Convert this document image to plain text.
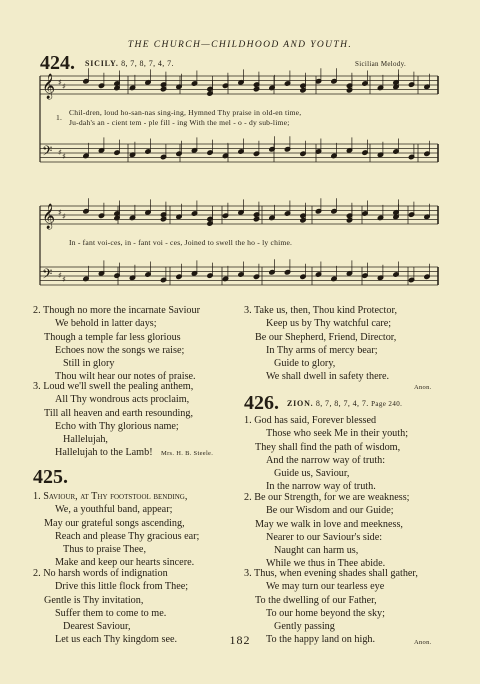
THE CHURCH—CHILDHOOD AND YOUTH.
424. SICILY. 8, 7, 8, 7, 4, 7.	Sicilian Melody.
𝄞 ♯ ♯
𝄞 ♯ ♯
𝄢 ♯ ♯
𝄢 ♯ ♯
1.
Chil-dren, loud ho-san-nas sing-ing, Hymned Thy praise in old-en time,
Ju-dah's an - cient tem - ple fill - ing With the mel - o - dy sub-lime;
In - fant voi-ces, in - fant voi - ces, Joined to swell the ho - ly chime.
2. Though no more the incarnate Saviour
We behold in latter days;
Though a temple far less glorious
Echoes now the songs we raise;
Still in glory
Thou wilt hear our notes of praise.
3. Loud we'll swell the pealing anthem,
All Thy wondrous acts proclaim,
Till all heaven and earth resounding,
Echo with Thy glorious name;
Hallelujah,
Hallelujah to the Lamb!	Mrs. H. B. Steele.
425.
1. Saviour, at Thy footstool bending,
We, a youthful band, appear;
May our grateful songs ascending,
Reach and please Thy gracious ear;
Thus to praise Thee,
Make and keep our hearts sincere.
2. No harsh words of indignation
Drive this little flock from Thee;
Gentle is Thy invitation,
Suffer them to come to me.
Dearest Saviour,
Let us each Thy kingdom see.
3. Take us, then, Thou kind Protector,
Keep us by Thy watchful care;
Be our Shepherd, Friend, Director,
In Thy arms of mercy bear;
Guide to glory,
We shall dwell in safety there.
Anon.
426. ZION. 8, 7, 8, 7, 4, 7. Page 240.
1. God has said, Forever blessed
Those who seek Me in their youth;
They shall find the path of wisdom,
And the narrow way of truth:
Guide us, Saviour,
In the narrow way of truth.
2. Be our Strength, for we are weakness;
Be our Wisdom and our Guide;
May we walk in love and meekness,
Nearer to our Saviour's side:
Naught can harm us,
While we thus in Thee abide.
3. Thus, when evening shades shall gather,
We may turn our tearless eye
To the dwelling of our Father,
To our home beyond the sky;
Gently passing
To the happy land on high.	Anon.
182
